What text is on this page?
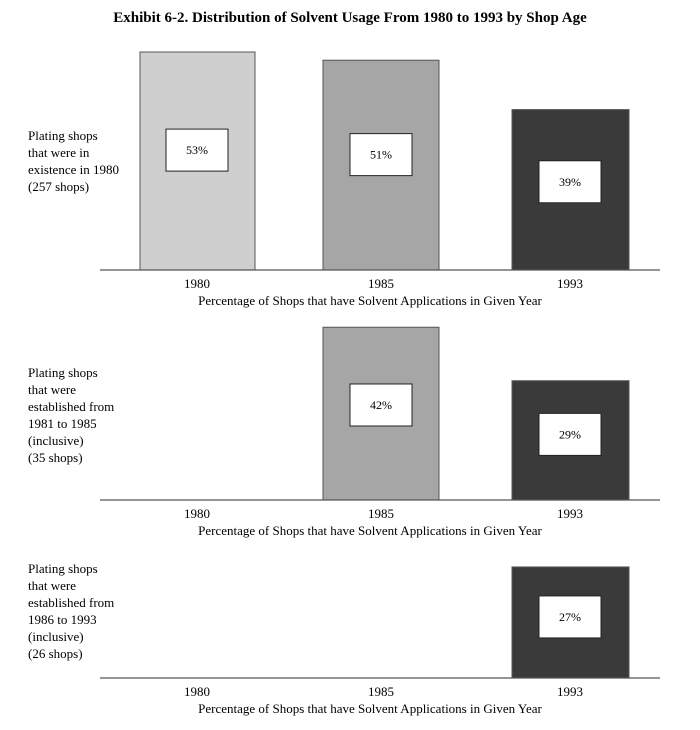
Exhibit 6-2. Distribution of Solvent Usage From 1980 to 1993 by Shop Age
Plating shops that were in existence in 1980 (257 shops)
53%	51%
39%
1980	1985	1993
Percentage of Shops that have Solvent Applications in Given Year
Plating shops that were established from 1981 to 1985 (inclusive) (35 shops)
42%
29%
1980	1985	1993
Percentage of Shops that have Solvent Applications in Given Year
Plating shops that were established from 1986 to 1993 (inclusive) (26 shops)
27%
1980	1985	1993
Percentage of Shops that have Solvent Applications in Given Year
